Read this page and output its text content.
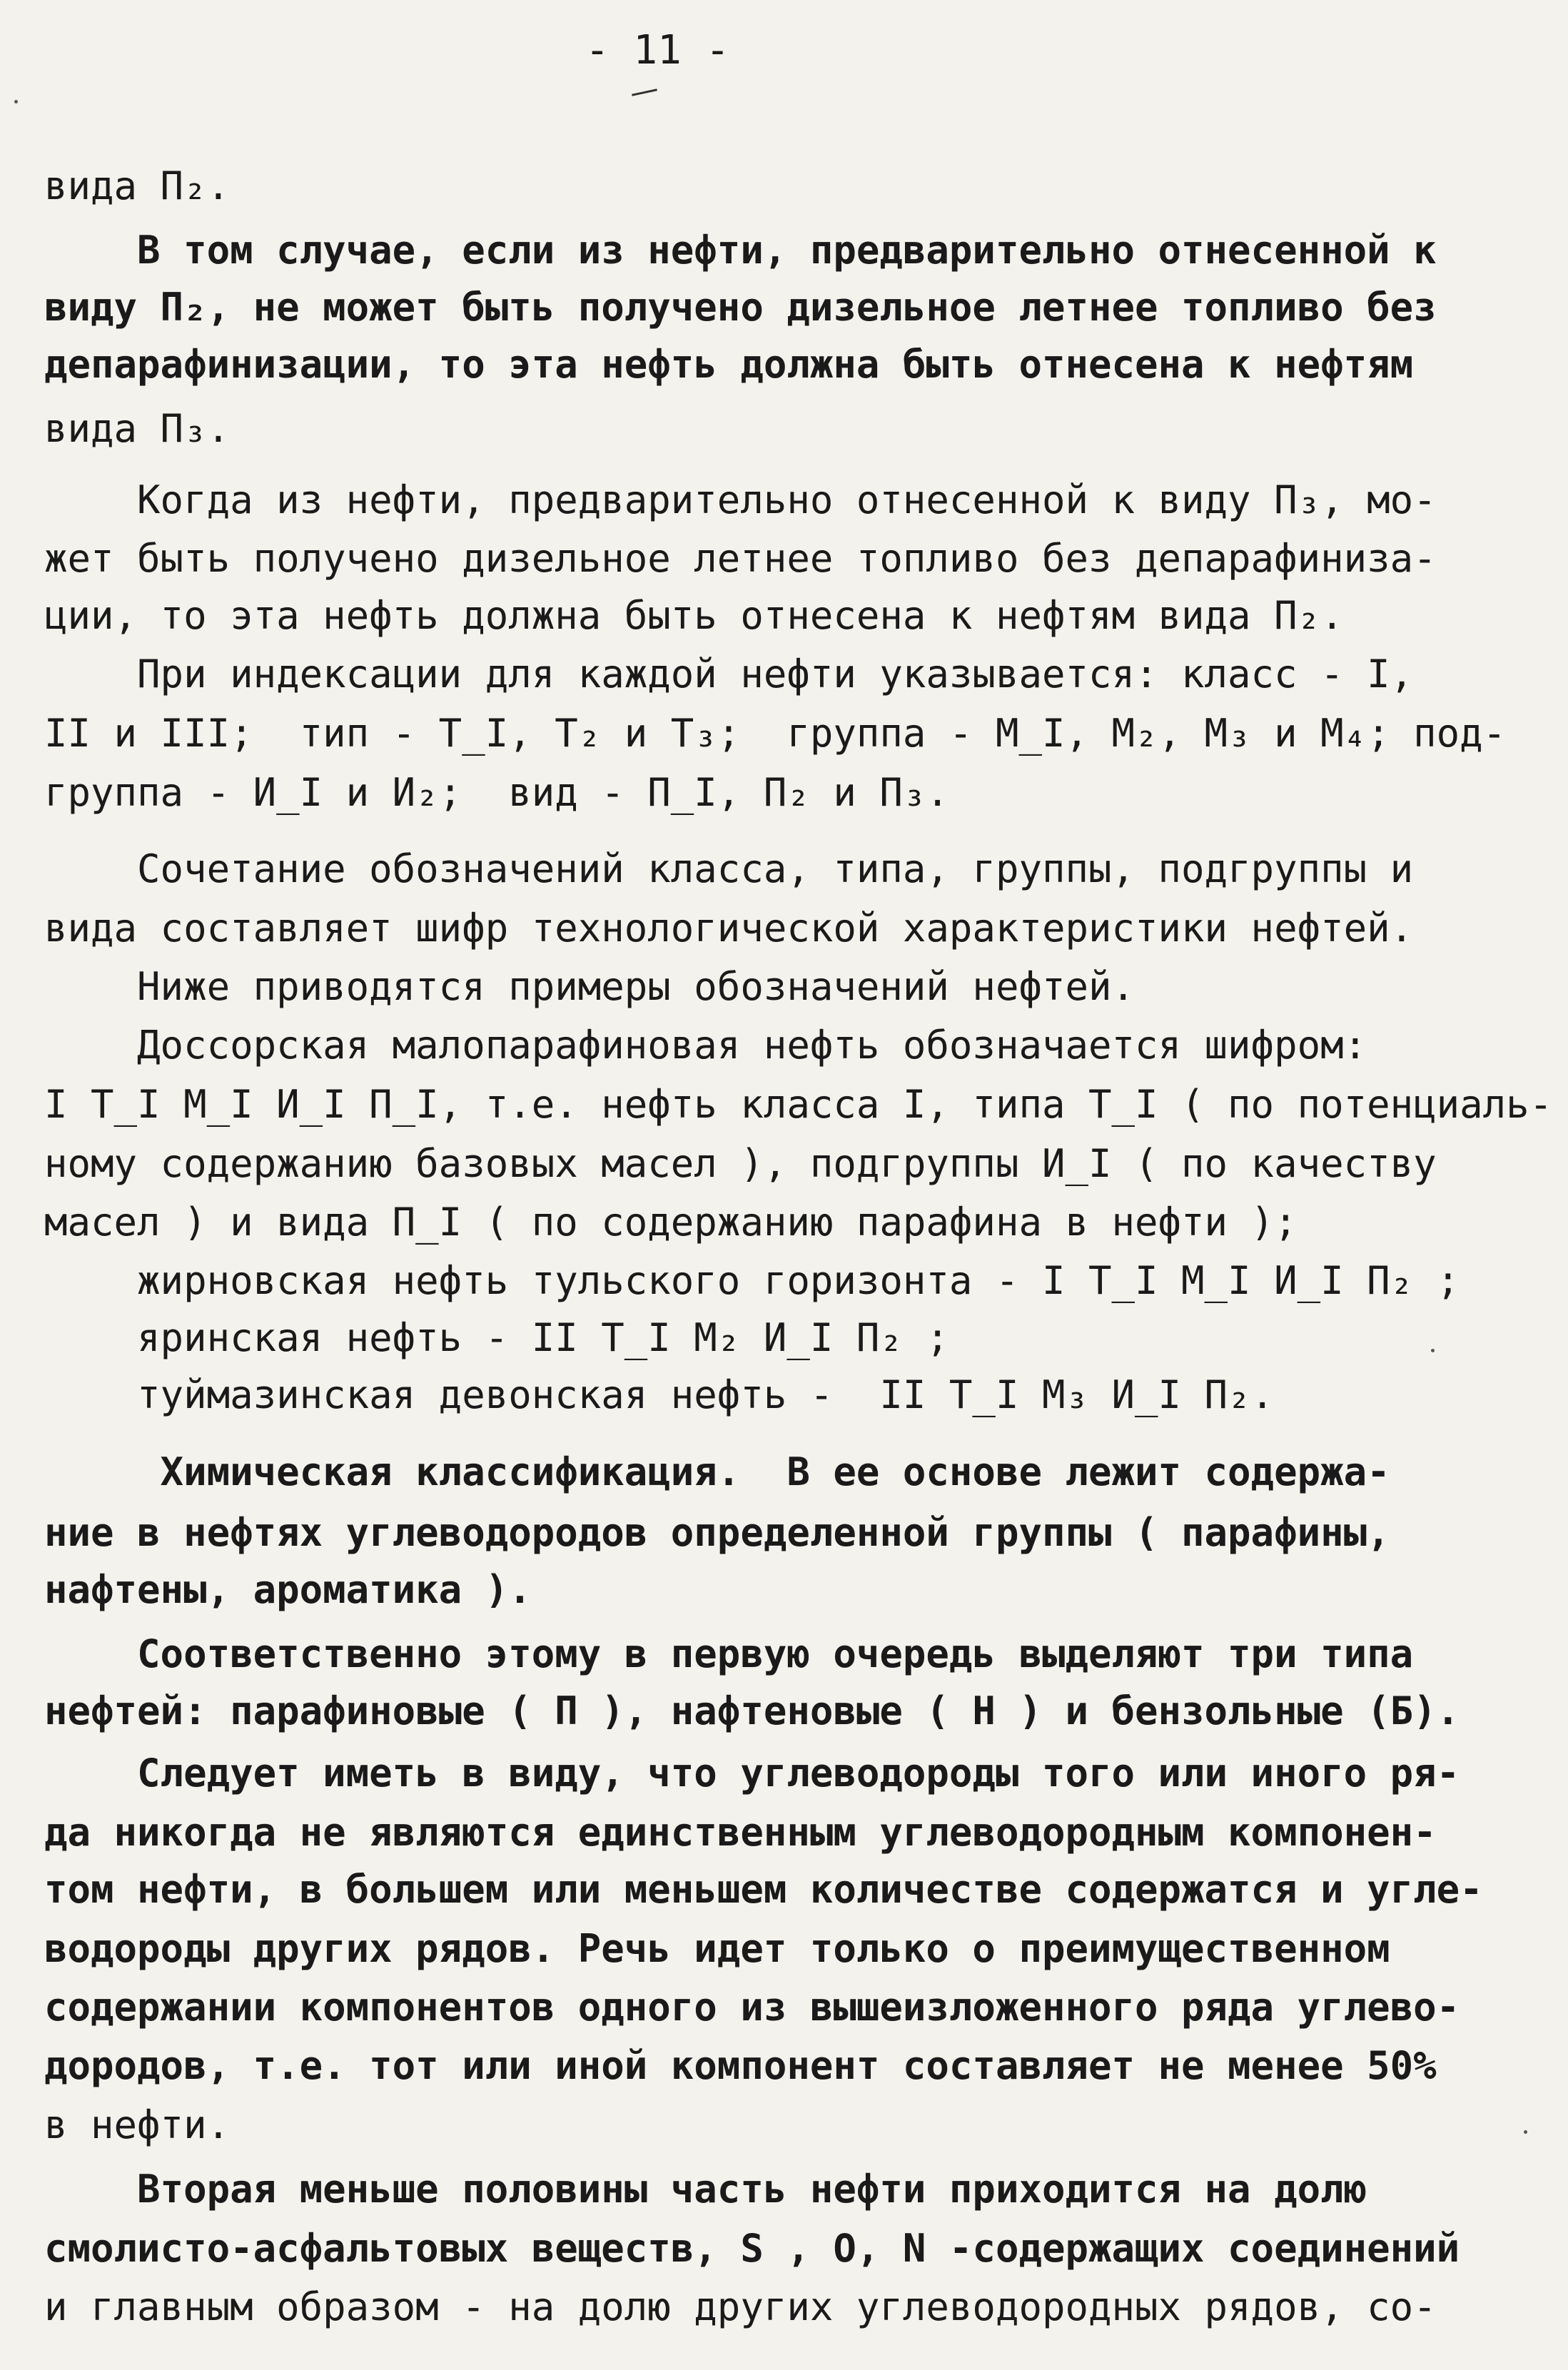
- 11 -
вида П₂.
В том случае, если из нефти, предварительно отнесенной к
виду П₂, не может быть получено дизельное летнее топливо без
депарафинизации, то эта нефть должна быть отнесена к нефтям
вида П₃.
Когда из нефти, предварительно отнесенной к виду П₃, мо-
жет быть получено дизельное летнее топливо без депарафиниза-
ции, то эта нефть должна быть отнесена к нефтям вида П₂.
При индексации для каждой нефти указывается: класс - I,
II и III;  тип - T_I, T₂ и T₃;  группа - M_I, M₂, M₃ и M₄; под-
группа - И_I и И₂;  вид - П_I, П₂ и П₃.
Сочетание обозначений класса, типа, группы, подгруппы и
вида составляет шифр технологической характеристики нефтей.
Ниже приводятся примеры обозначений нефтей.
Доссорская малопарафиновая нефть обозначается шифром:
I T_I M_I И_I П_I, т.е. нефть класса I, типа T_I ( по потенциаль-
ному содержанию базовых масел ), подгруппы И_I ( по качеству
масел ) и вида П_I ( по содержанию парафина в нефти );
жирновская нефть тульского горизонта - I T_I M_I И_I П₂ ;
яринская нефть - II T_I M₂ И_I П₂ ;
туймазинская девонская нефть -  II T_I M₃ И_I П₂.
Химическая классификация.  В ее основе лежит содержа-
ние в нефтях углеводородов определенной группы ( парафины,
нафтены, ароматика ).
Соответственно этому в первую очередь выделяют три типа
нефтей: парафиновые ( П ), нафтеновые ( Н ) и бензольные (Б).
Следует иметь в виду, что углеводороды того или иного ря-
да никогда не являются единственным углеводородным компонен-
том нефти, в большем или меньшем количестве содержатся и угле-
водороды других рядов. Речь идет только о преимущественном
содержании компонентов одного из вышеизложенного ряда углево-
дородов, т.е. тот или иной компонент составляет не менее 50%
в нефти.
Вторая меньше половины часть нефти приходится на долю
смолисто-асфальтовых веществ, S , O, N -содержащих соединений
и главным образом - на долю других углеводородных рядов, со-
